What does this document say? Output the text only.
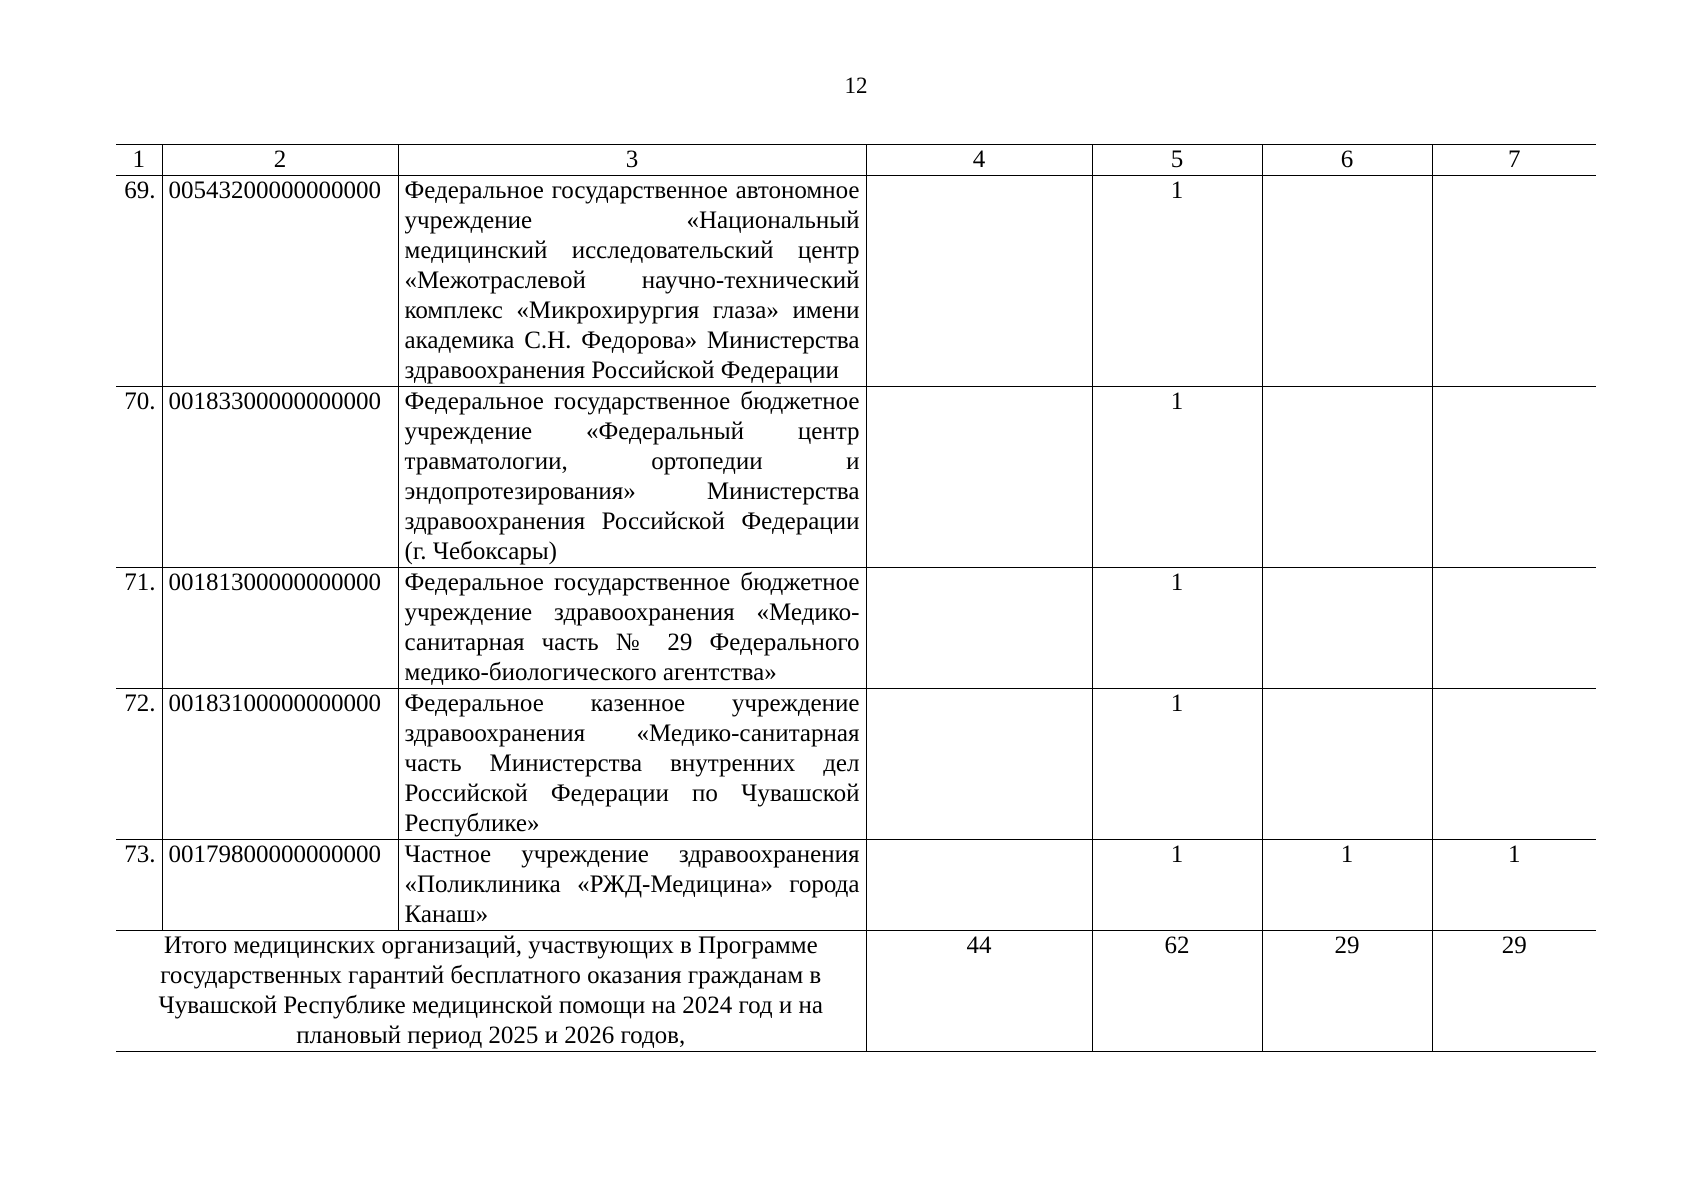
12
1	2	3	4	5	6	7
69.	00543200000000000	Федеральное государственное автономное учреждение «Национальный медицинский исследовательский центр «Межотраслевой научно-технический комплекс «Микрохирургия глаза» имени академика С.Н. Федорова» Министерства здравоохранения Российской Федерации		1		
70.	00183300000000000	Федеральное государственное бюджетное учреждение «Федеральный центр травматологии, ортопедии и эндопротезирования» Министерства здравоохранения Российской Федерации (г. Чебоксары)		1		
71.	00181300000000000	Федеральное государственное бюджетное учреждение здравоохранения «Медико-санитарная часть № 29 Федерального медико-биологического агентства»		1		
72.	00183100000000000	Федеральное казенное учреждение здравоохранения «Медико-санитарная часть Министерства внутренних дел Российской Федерации по Чувашской Республике»		1		
73.	00179800000000000	Частное учреждение здравоохранения «Поликлиника «РЖД-Медицина» города Канаш»		1	1	1
Итого медицинских организаций, участвующих в Программе государственных гарантий бесплатного оказания гражданам в Чувашской Республике медицинской помощи на 2024 год и на плановый период 2025 и 2026 годов,			44	62	29	29
